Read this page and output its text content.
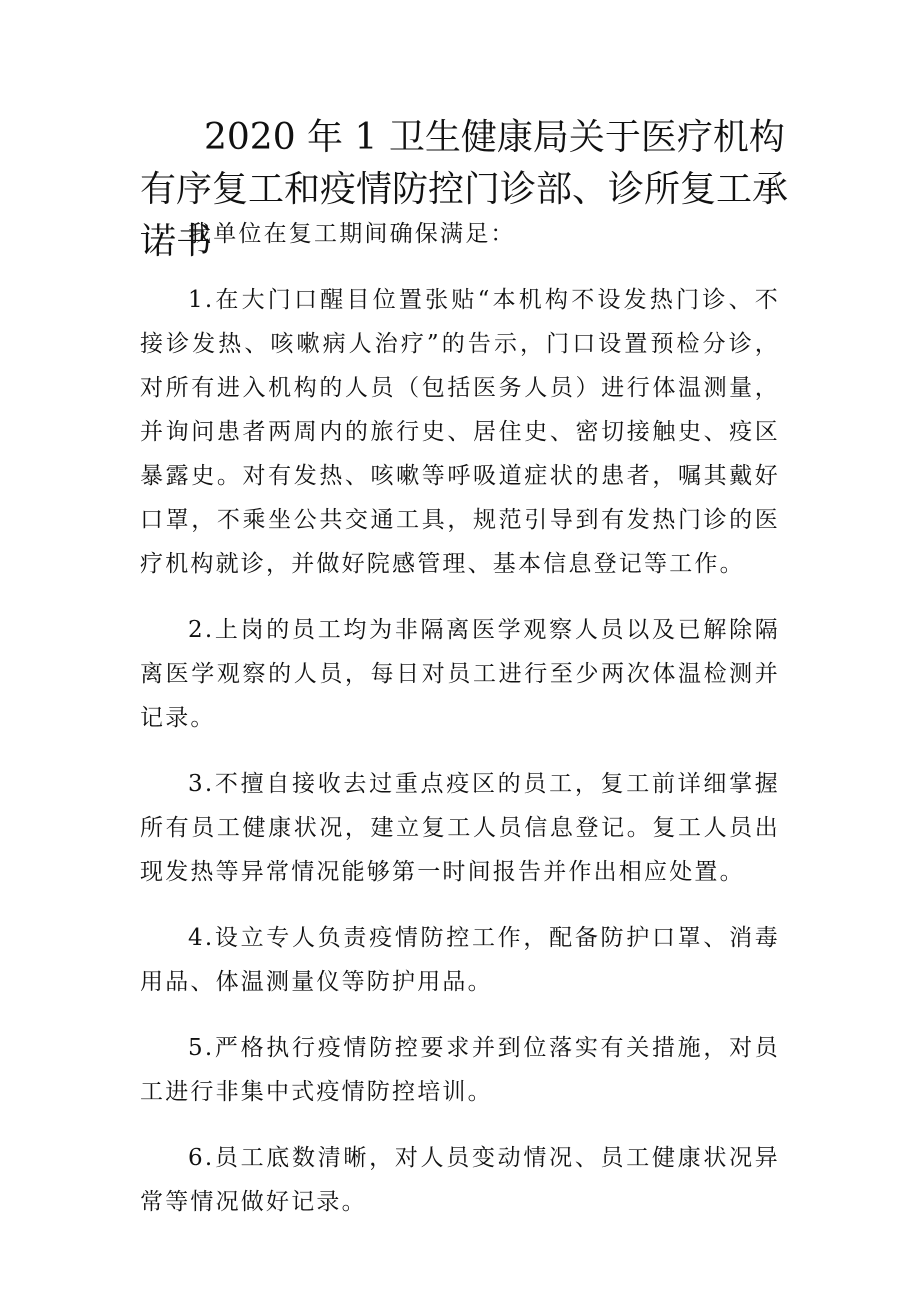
2020 年 1 卫生健康局关于医疗机构有序复工和疫情防控门诊部、诊所复工承诺书

我单位在复工期间确保满足：

1.在大门口醒目位置张贴“本机构不设发热门诊、不接诊发热、咳嗽病人治疗”的告示，门口设置预检分诊，对所有进入机构的人员（包括医务人员）进行体温测量，并询问患者两周内的旅行史、居住史、密切接触史、疫区暴露史。对有发热、咳嗽等呼吸道症状的患者，嘱其戴好口罩，不乘坐公共交通工具，规范引导到有发热门诊的医疗机构就诊，并做好院感管理、基本信息登记等工作。

2.上岗的员工均为非隔离医学观察人员以及已解除隔离医学观察的人员，每日对员工进行至少两次体温检测并记录。

3.不擅自接收去过重点疫区的员工，复工前详细掌握所有员工健康状况，建立复工人员信息登记。复工人员出现发热等异常情况能够第一时间报告并作出相应处置。

4.设立专人负责疫情防控工作，配备防护口罩、消毒用品、体温测量仪等防护用品。

5.严格执行疫情防控要求并到位落实有关措施，对员工进行非集中式疫情防控培训。

6.员工底数清晰，对人员变动情况、员工健康状况异常等情况做好记录。
